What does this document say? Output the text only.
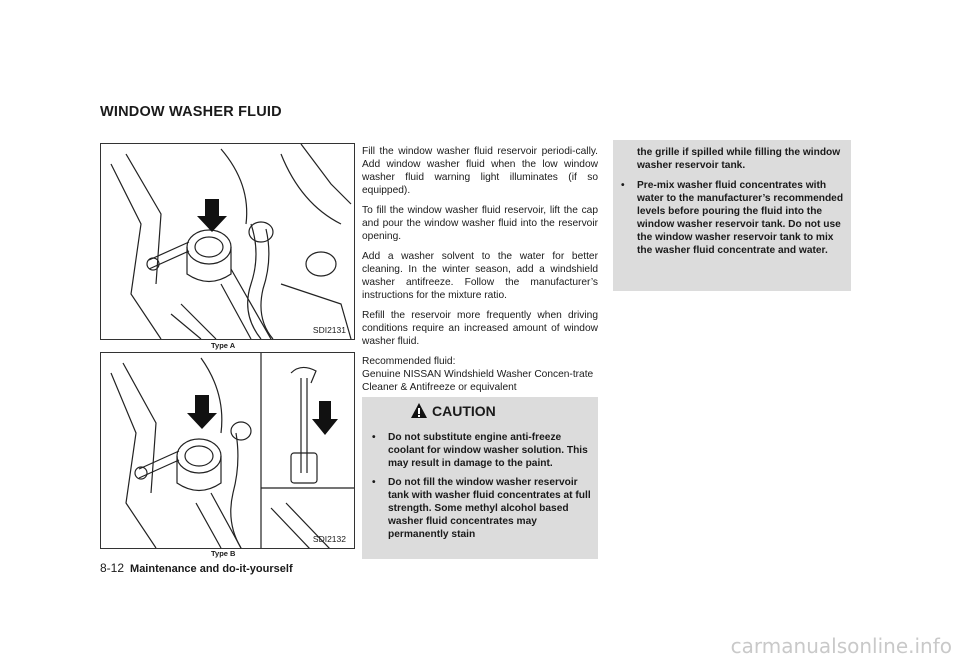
WINDOW WASHER FLUID
SDI2131
Type A
SDI2132
Type B

Fill the window washer fluid reservoir periodi-cally. Add window washer fluid when the low window washer fluid warning light illuminates (if so equipped).

To fill the window washer fluid reservoir, lift the cap and pour the window washer fluid into the reservoir opening.

Add a washer solvent to the water for better cleaning. In the winter season, add a windshield washer antifreeze. Follow the manufacturer’s instructions for the mixture ratio.

Refill the reservoir more frequently when driving conditions require an increased amount of window washer fluid.

Recommended fluid:
Genuine NISSAN Windshield Washer Concen-trate Cleaner & Antifreeze or equivalent
CAUTION
•	Do not substitute engine anti-freeze coolant for window washer solution. This may result in damage to the paint.
•	Do not fill the window washer reservoir tank with washer fluid concentrates at full strength. Some methyl alcohol based washer fluid concentrates may permanently stain
the grille if spilled while filling the window washer reservoir tank.
•	Pre-mix washer fluid concentrates with water to the manufacturer’s recommended levels before pouring the fluid into the window washer reservoir tank. Do not use the window washer reservoir tank to mix the washer fluid concentrate and water.
8-12 Maintenance and do-it-yourself
carmanualsonline.info
